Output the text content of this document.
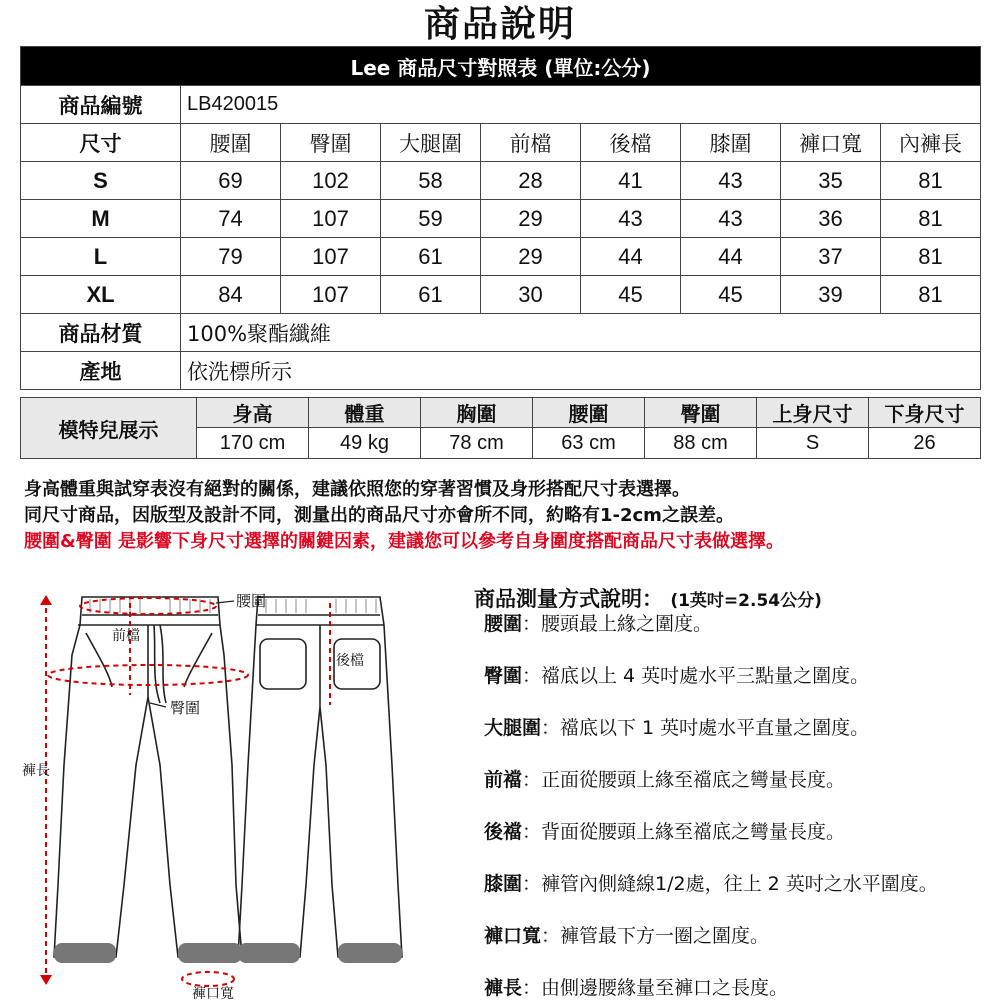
商品說明
Lee 商品尺寸對照表 (單位:公分)								
商品編號	LB420015							
尺寸	腰圍	臀圍	大腿圍	前檔	後檔	膝圍	褲口寬	內褲長
S	69	102	58	28	41	43	35	81
M	74	107	59	29	43	43	36	81
L	79	107	61	29	44	44	37	81
XL	84	107	61	30	45	45	39	81
商品材質	100%聚酯纖維							
產地	依洗標所示							
模特兒展示	身高	體重	胸圍	腰圍	臀圍	上身尺寸	下身尺寸
	170 cm	49 kg	78 cm	63 cm	88 cm	S	26
身高體重與試穿表沒有絕對的關係，建議依照您的穿著習慣及身形搭配尺寸表選擇。
同尺寸商品，因版型及設計不同，測量出的商品尺寸亦會所不同，約略有1-2cm之誤差。
腰圍&臀圍 是影響下身尺寸選擇的關鍵因素，建議您可以參考自身圍度搭配商品尺寸表做選擇。
腰圍
臀圍
前檔
後檔
褲長
褲口寬
商品測量方式說明： (1英吋=2.54公分)
腰圍：腰頭最上緣之圍度。
臀圍：襠底以上 4 英吋處水平三點量之圍度。
大腿圍：襠底以下 1 英吋處水平直量之圍度。
前襠：正面從腰頭上緣至襠底之彎量長度。
後襠：背面從腰頭上緣至襠底之彎量長度。
膝圍：褲管內側縫線1/2處，往上 2 英吋之水平圍度。
褲口寬：褲管最下方一圈之圍度。
褲長：由側邊腰緣量至褲口之長度。
